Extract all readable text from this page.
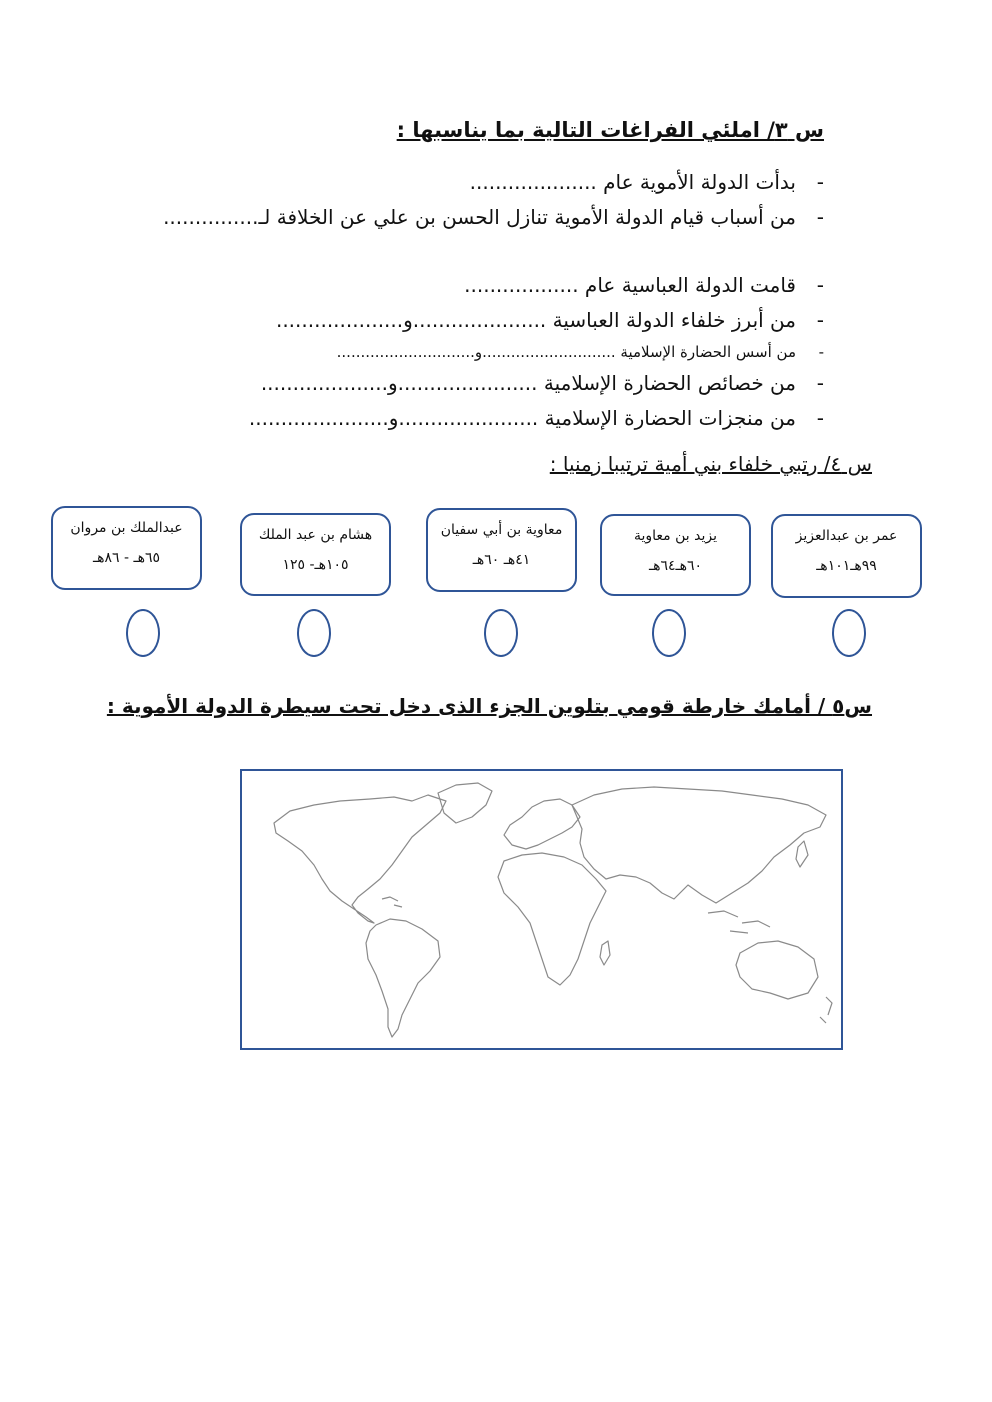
س ٣/ املئي الفراغات التالية بما يناسبها :
-بدأت الدولة الأموية عام ....................
-من أسباب قيام الدولة الأموية تنازل الحسن بن علي عن الخلافة لـ...............
-قامت الدولة العباسية عام ..................
-من أبرز خلفاء الدولة العباسية .....................و....................
-من أسس الحضارة الإسلامية ............................و.............................
-من خصائص الحضارة الإسلامية ......................و....................
-من منجزات الحضارة الإسلامية ......................و......................
س ٤/ رتبي خلفاء بني أمية ترتيبا زمنيا :
عمر بن عبدالعزيز
٩٩هـ١٠١هـ
يزيد بن معاوية
٦٠هـ٦٤هـ
معاوية بن أبي سفيان
٤١هـ ٦٠هـ
هشام بن عبد الملك
١٠٥هـ- ١٢٥
عبدالملك بن مروان
٦٥هـ - ٨٦هـ
س٥ / أمامك خارطة قومي بتلوين الجزء الذى دخل تحت سيطرة الدولة الأموية :
